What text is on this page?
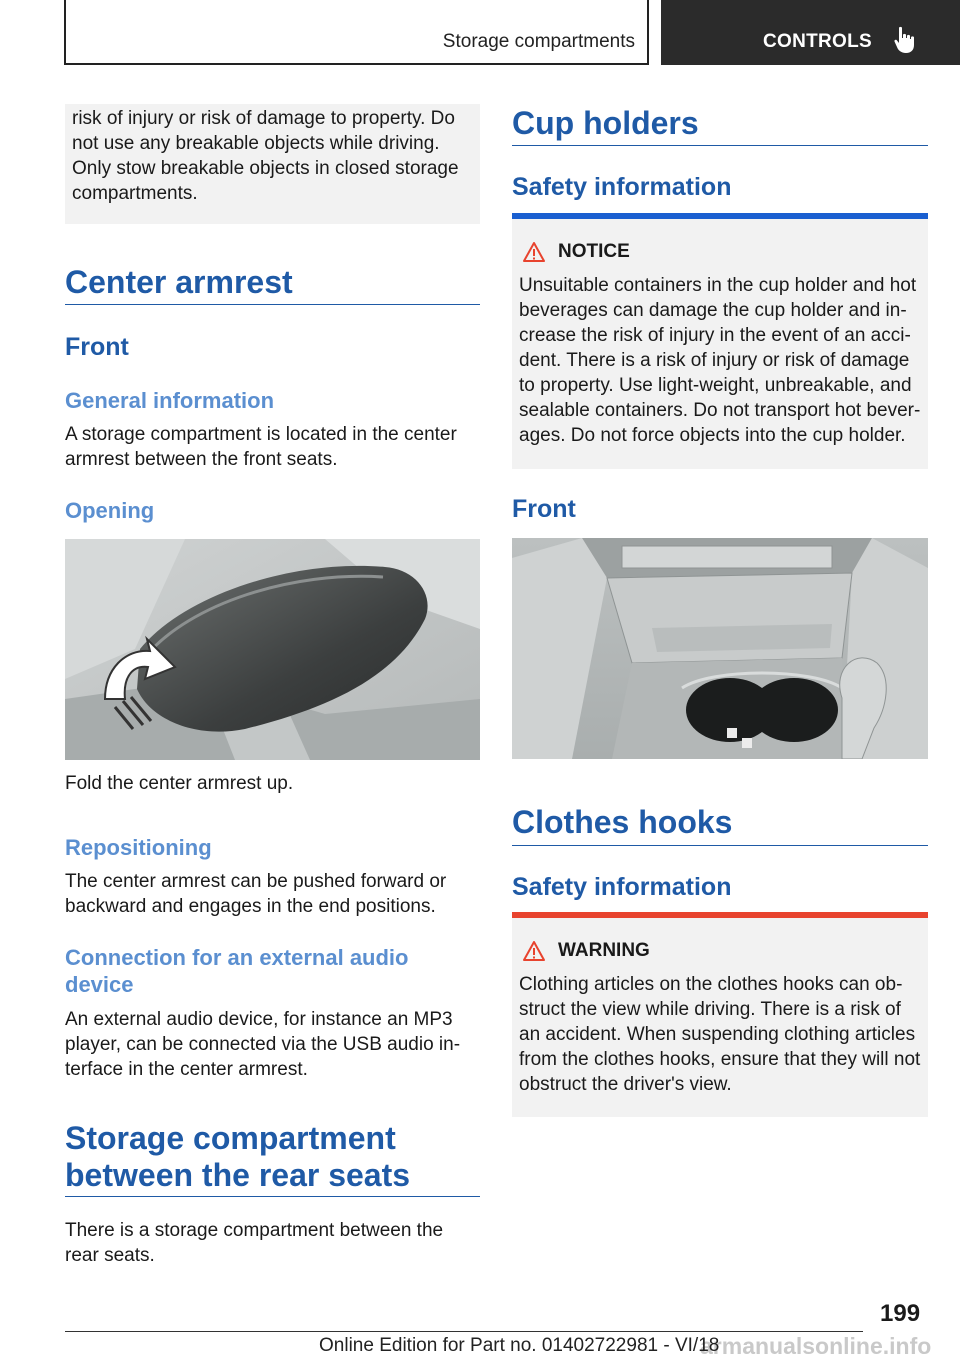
Storage compartments	CONTROLS
risk of injury or risk of damage to property. Do not use any breakable objects while driving. Only stow breakable objects in closed storage compartments.
Center armrest
Front
General information
A storage compartment is located in the center armrest between the front seats.
Opening
Fold the center armrest up.
Repositioning
The center armrest can be pushed forward or backward and engages in the end positions.
Connection for an external audio device
An external audio device, for instance an MP3 player, can be connected via the USB audio interface in the center armrest.
Storage compartment between the rear seats
There is a storage compartment between the rear seats.
Cup holders
Safety information
NOTICE
Unsuitable containers in the cup holder and hot beverages can damage the cup holder and increase the risk of injury in the event of an accident. There is a risk of injury or risk of damage to property. Use light-weight, unbreakable, and sealable containers. Do not transport hot beverages. Do not force objects into the cup holder.
Front
Clothes hooks
Safety information
WARNING
Clothing articles on the clothes hooks can obstruct the view while driving. There is a risk of an accident. When suspending clothing articles from the clothes hooks, ensure that they will not obstruct the driver's view.
199
armanualsonline.info
Online Edition for Part no. 01402722981 - VI/18
